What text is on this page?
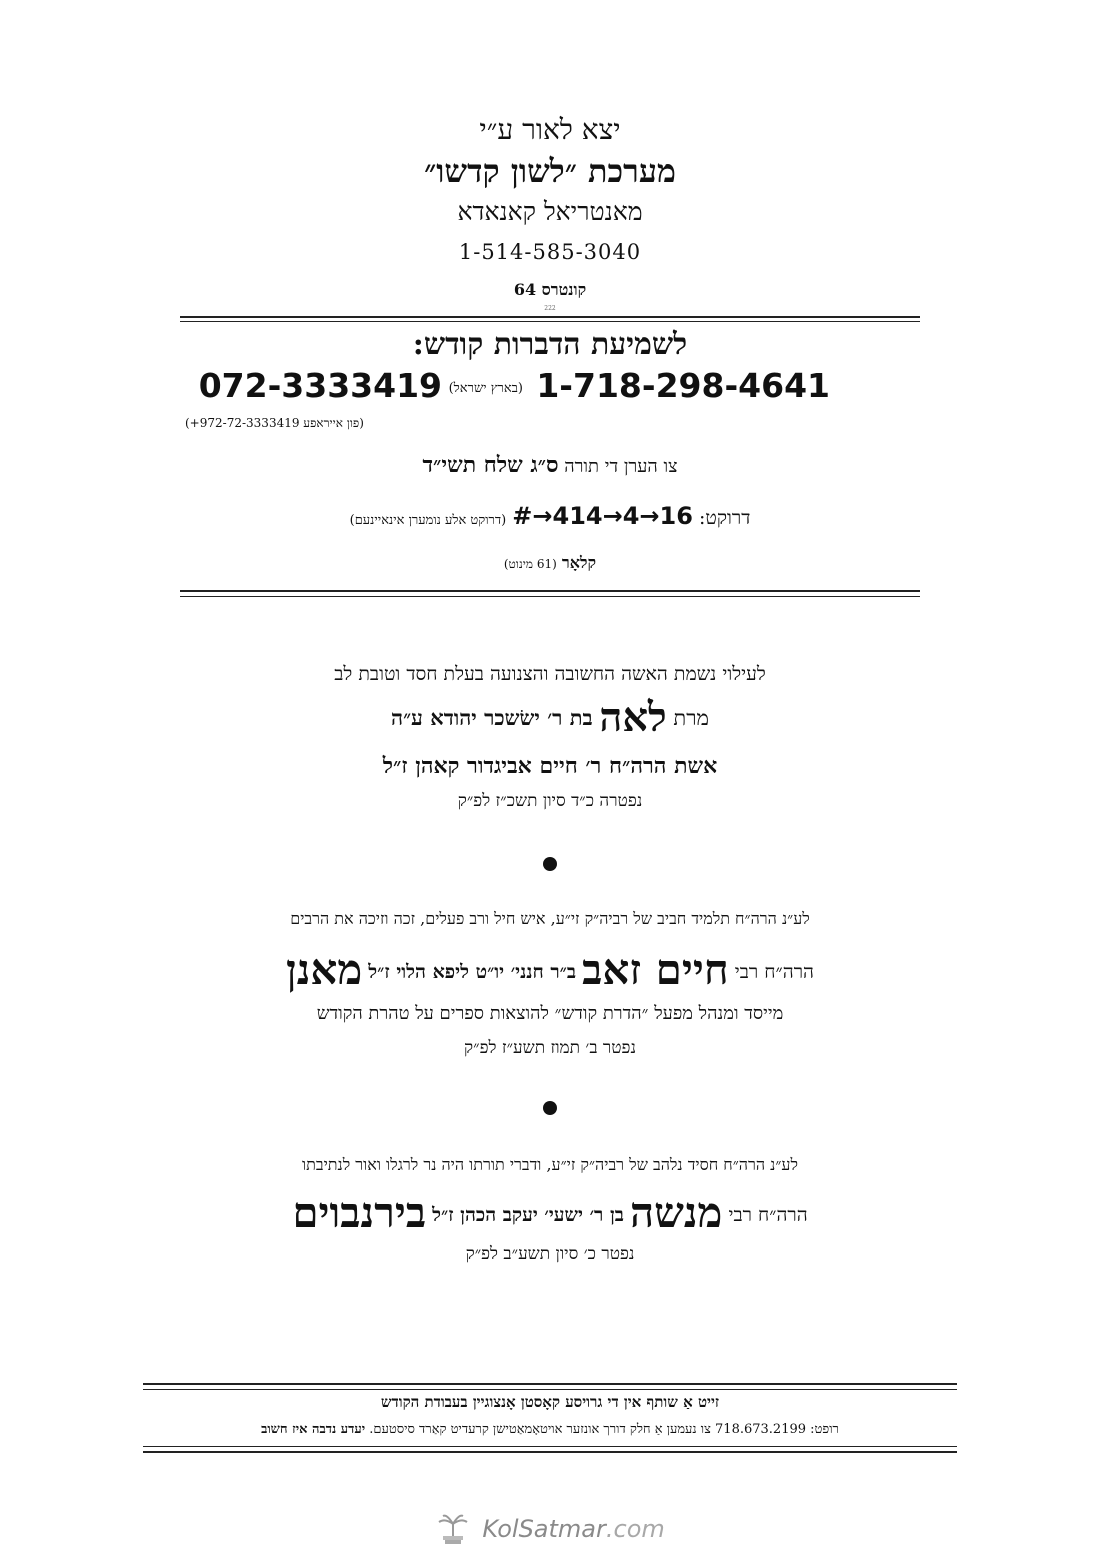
יצא לאור ע״י
מערכת ״לשון קדשו״
מאנטריאל קאנאדא
1-514-585-3040
קונטרס 64
222
לשמיעת הדברות קודש:
1-718-298-4641
(בארץ ישראל)
072-3333419
(פון אייראפע 972-72-3333419+)
צו הערן די תורה ס״ג שלח תשי״ד
דרוקט: #→414→4→16 (דרוקט אלע נומערן אינאיינעם)
קלאָר (61 מינוט)
לעילוי נשמת האשה החשובה והצנועה בעלת חסד וטובת לב
מרת לאה בת ר׳ ישׂשכר יהודא ע״ה
אשת הרה״ח ר׳ חיים אביגדור קאהן ז״ל
נפטרה כ״ד סיון תשכ״ז לפ״ק
לע״נ הרה״ח תלמיד חביב של רביה״ק זי״ע, איש חיל ורב פעלים, זכה וזיכה את הרבים
הרה״ח רבי חיים זאב ב״ר חנני׳ יו״ט ליפא הלוי ז״ל מאנן
מייסד ומנהל מפעל ״הדרת קודש״ להוצאות ספרים על טהרת הקודש
נפטר ב׳ תמוז תשע״ז לפ״ק
לע״נ הרה״ח חסיד נלהב של רביה״ק זי״ע, ודברי תורתו היה נר לרגלו ואור לנתיבתו
הרה״ח רבי מנשה בן ר׳ ישעי׳ יעקב הכהן ז״ל בירנבוים
נפטר כ׳ סיון תשע״ב לפ״ק
זייט אַ שותף אין די גרויסע קאָסטן אָנצוגיין בעבודת הקודש
רופט: 718.673.2199 צו נעמען אַ חלק דורך אונזער אויטאָמאַטישן קרעדיט קאַרד סיסטעם. יעדע נדבה איז חשוב
KolSatmar.com
